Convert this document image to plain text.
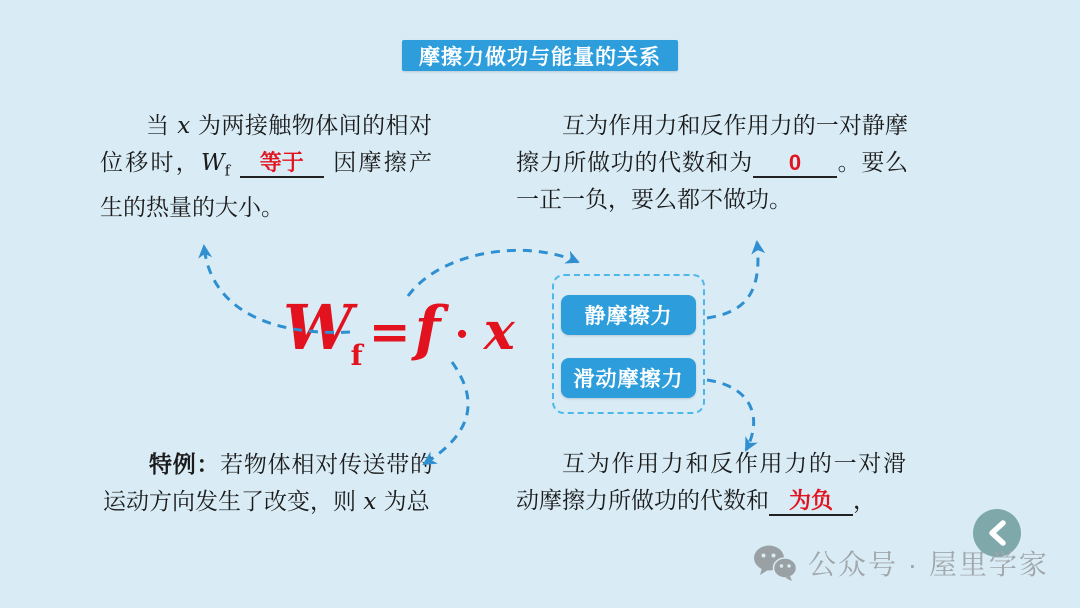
摩擦力做功与能量的关系

当 x 为两接触物体间的相对位移时，$W_f$ 等于 因摩擦产生的热量的大小。

互为作用力和反作用力的一对静摩擦力所做功的代数和为 0 。要么一正一负，要么都不做功。

W
f = f · x	静摩擦力
滑动摩擦力

特例：若物体相对传送带的运动方向发生了改变，则 x 为总

互为作用力和反作用力的一对滑动摩擦力所做功的代数和 为负 ，

公众号 · 屋里学家
